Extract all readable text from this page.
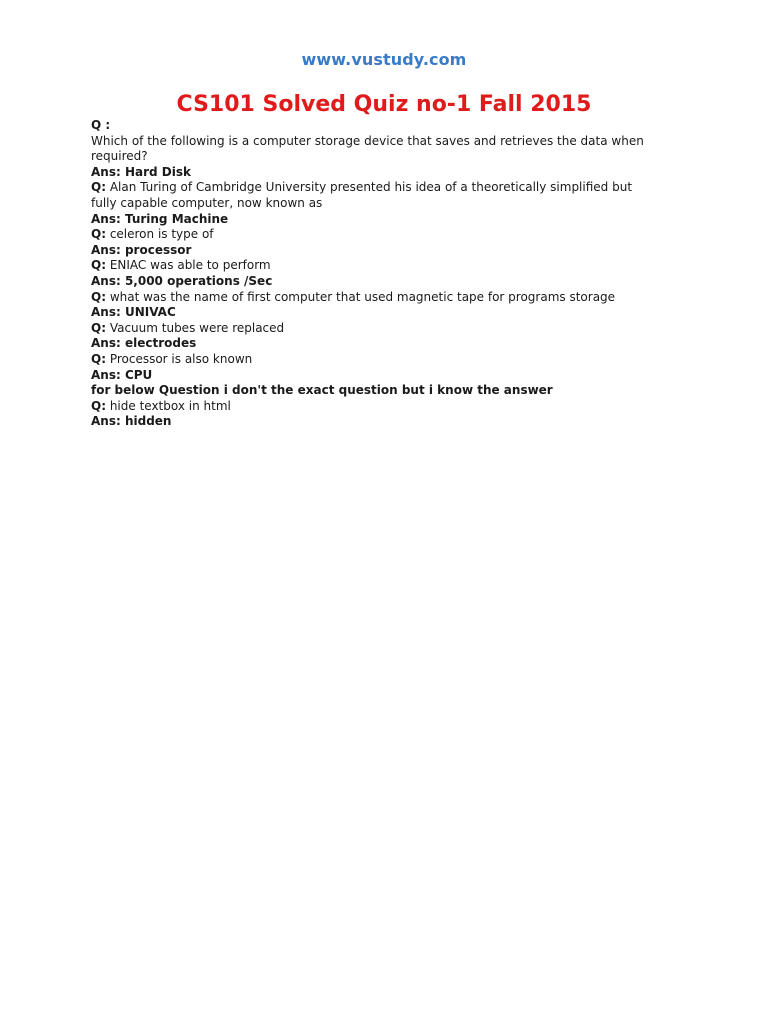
www.vustudy.com
CS101 Solved Quiz no-1 Fall 2015
Q :
Which of the following is a computer storage device that saves and retrieves the data when
required?
Ans: Hard Disk
Q: Alan Turing of Cambridge University presented his idea of a theoretically simplified but
fully capable computer, now known as
Ans: Turing Machine
Q: celeron is type of
Ans: processor
Q: ENIAC was able to perform
Ans: 5,000 operations /Sec
Q: what was the name of first computer that used magnetic tape for programs storage
Ans: UNIVAC
Q: Vacuum tubes were replaced
Ans: electrodes
Q: Processor is also known
Ans: CPU
for below Question i don't the exact question but i know the answer
Q: hide textbox in html
Ans: hidden
